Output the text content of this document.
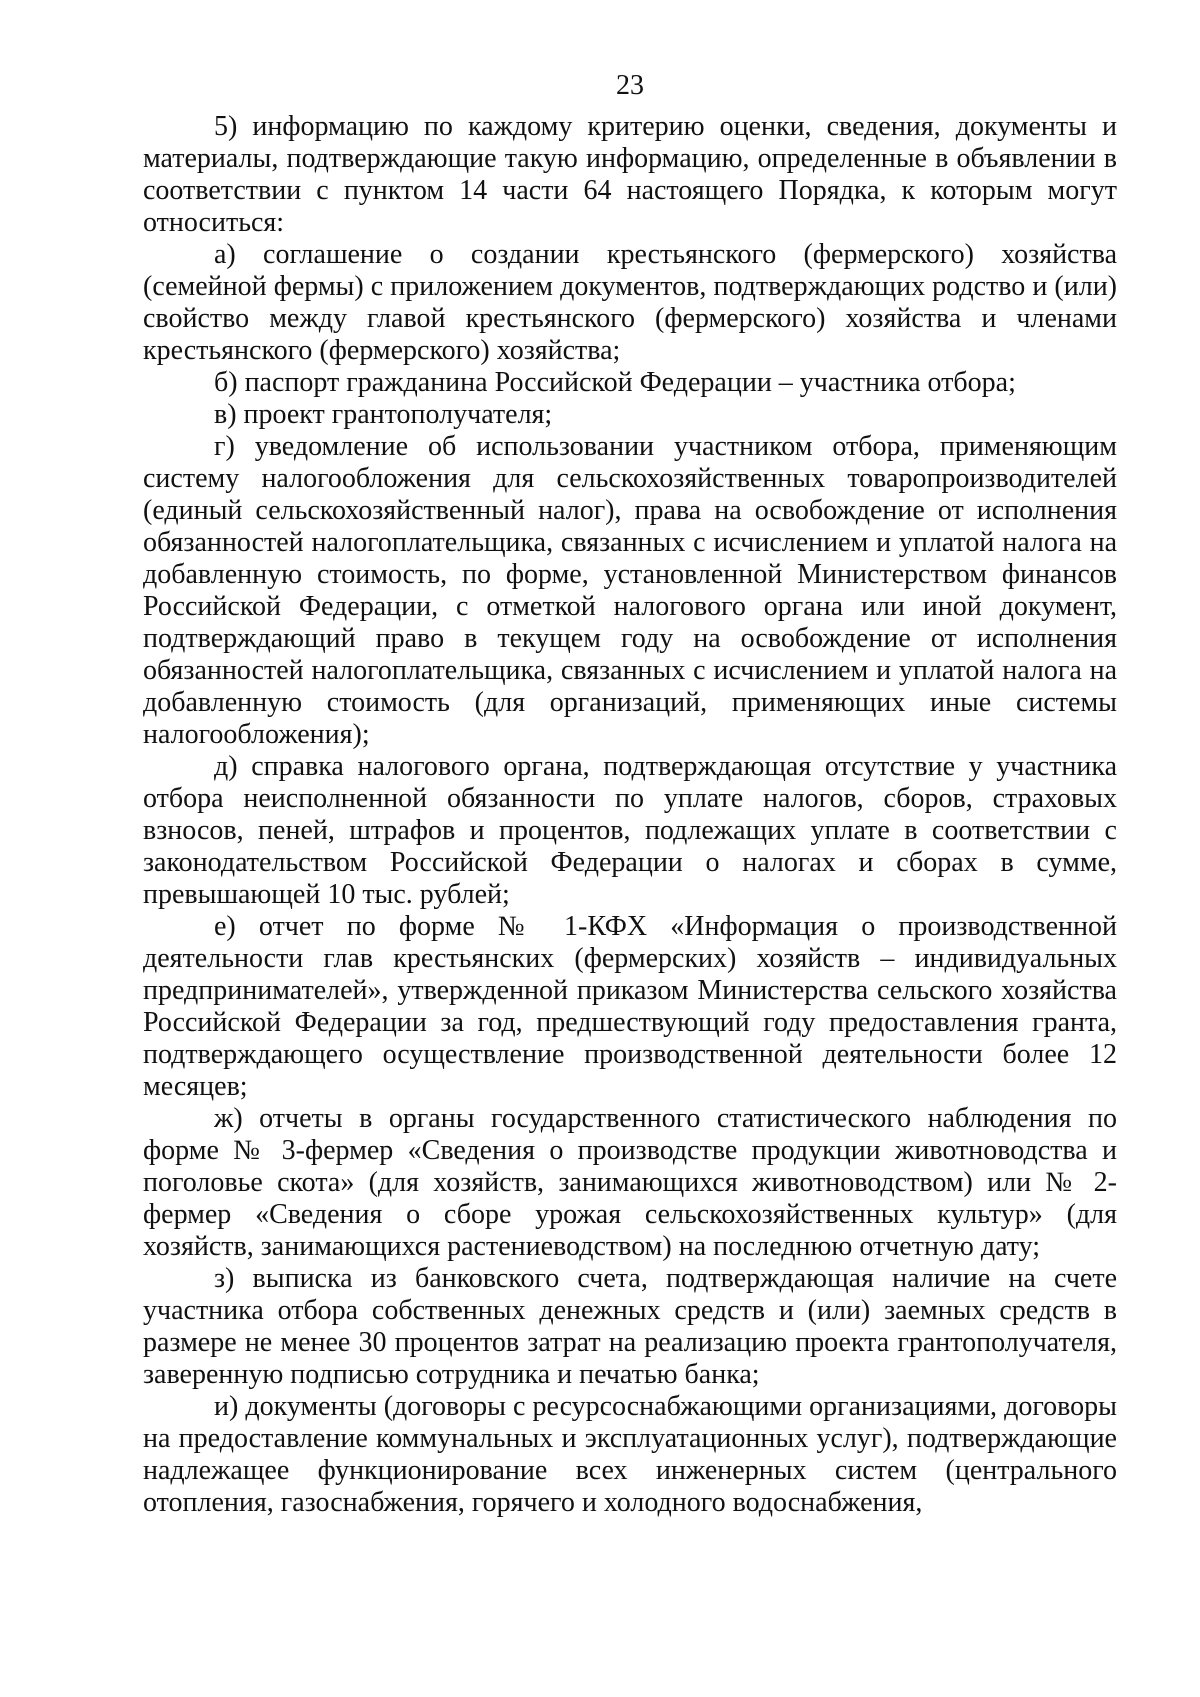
23

5) информацию по каждому критерию оценки, сведения, документы и материалы, подтверждающие такую информацию, определенные в объявлении в соответствии с пунктом 14 части 64 настоящего Порядка, к которым могут относиться:

а) соглашение о создании крестьянского (фермерского) хозяйства (семейной фермы) с приложением документов, подтверждающих родство и (или) свойство между главой крестьянского (фермерского) хозяйства и членами крестьянского (фермерского) хозяйства;

б) паспорт гражданина Российской Федерации – участника отбора;

в) проект грантополучателя;

г) уведомление об использовании участником отбора, применяющим систему налогообложения для сельскохозяйственных товаропроизводителей (единый сельскохозяйственный налог), права на освобождение от исполнения обязанностей налогоплательщика, связанных с исчислением и уплатой налога на добавленную стоимость, по форме, установленной Министерством финансов Российской Федерации, с отметкой налогового органа или иной документ, подтверждающий право в текущем году на освобождение от исполнения обязанностей налогоплательщика, связанных с исчислением и уплатой налога на добавленную стоимость (для организаций, применяющих иные системы налогообложения);

д) справка налогового органа, подтверждающая отсутствие у участника отбора неисполненной обязанности по уплате налогов, сборов, страховых взносов, пеней, штрафов и процентов, подлежащих уплате в соответствии с законодательством Российской Федерации о налогах и сборах в сумме, превышающей 10 тыс. рублей;

е) отчет по форме № 1-КФХ «Информация о производственной деятельности глав крестьянских (фермерских) хозяйств – индивидуальных предпринимателей», утвержденной приказом Министерства сельского хозяйства Российской Федерации за год, предшествующий году предоставления гранта, подтверждающего осуществление производственной деятельности более 12 месяцев;

ж) отчеты в органы государственного статистического наблюдения по форме № 3-фермер «Сведения о производстве продукции животноводства и поголовье скота» (для хозяйств, занимающихся животноводством) или № 2-фермер «Сведения о сборе урожая сельскохозяйственных культур» (для хозяйств, занимающихся растениеводством) на последнюю отчетную дату;

з) выписка из банковского счета, подтверждающая наличие на счете участника отбора собственных денежных средств и (или) заемных средств в размере не менее 30 процентов затрат на реализацию проекта грантополучателя, заверенную подписью сотрудника и печатью банка;

и) документы (договоры с ресурсоснабжающими организациями, договоры на предоставление коммунальных и эксплуатационных услуг), подтверждающие надлежащее функционирование всех инженерных систем (центрального отопления, газоснабжения, горячего и холодного водоснабжения,
